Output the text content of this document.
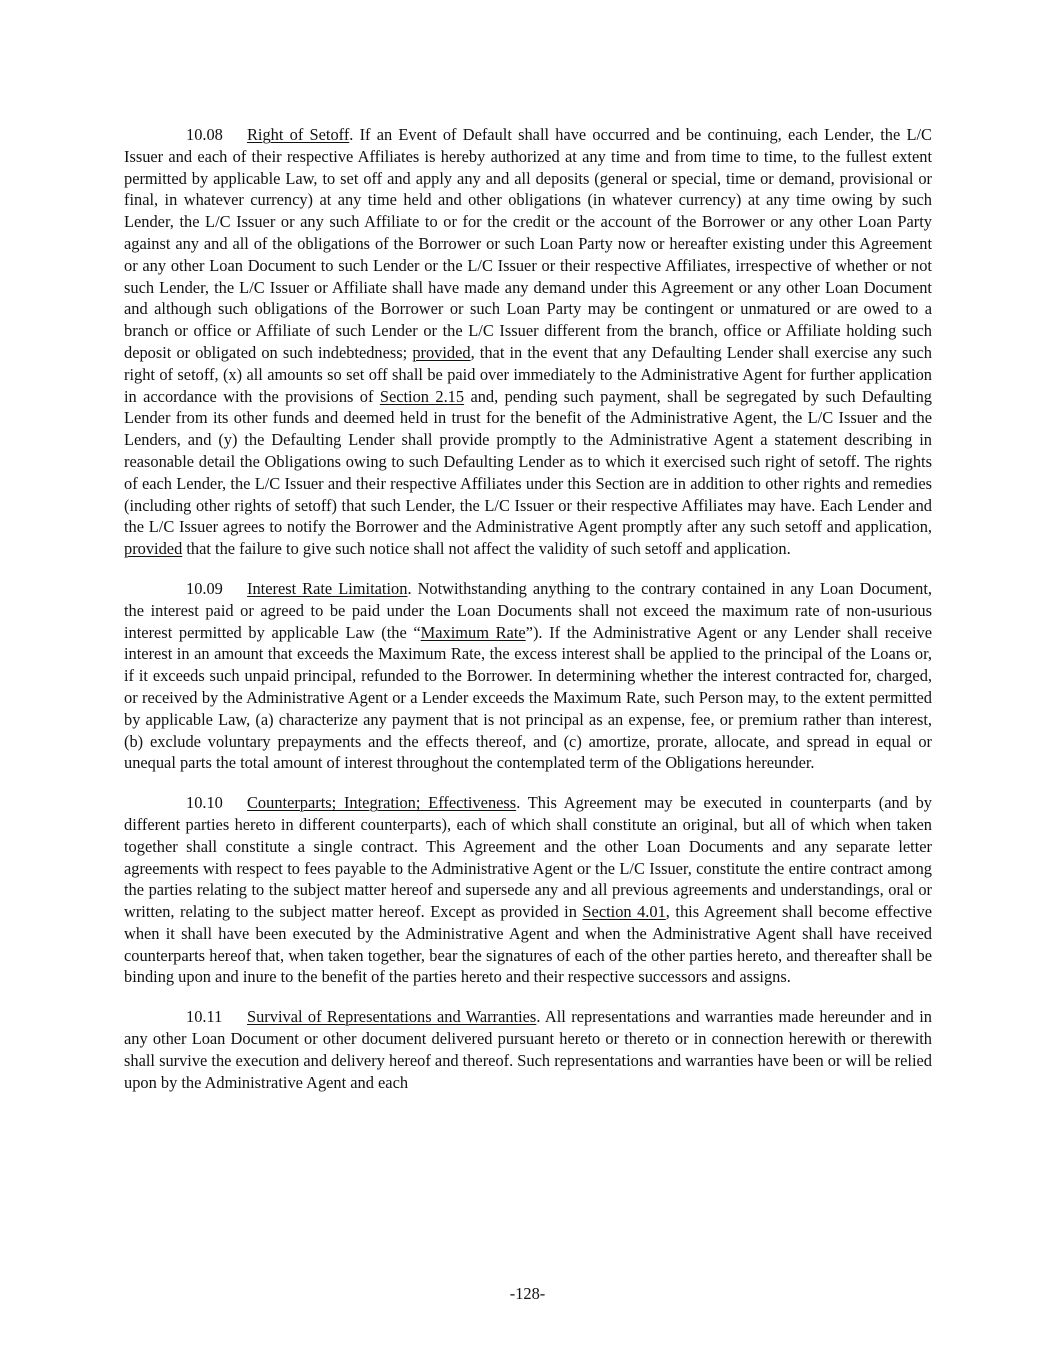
10.08 Right of Setoff. If an Event of Default shall have occurred and be continuing, each Lender, the L/C Issuer and each of their respective Affiliates is hereby authorized at any time and from time to time, to the fullest extent permitted by applicable Law, to set off and apply any and all deposits (general or special, time or demand, provisional or final, in whatever currency) at any time held and other obligations (in whatever currency) at any time owing by such Lender, the L/C Issuer or any such Affiliate to or for the credit or the account of the Borrower or any other Loan Party against any and all of the obligations of the Borrower or such Loan Party now or hereafter existing under this Agreement or any other Loan Document to such Lender or the L/C Issuer or their respective Affiliates, irrespective of whether or not such Lender, the L/C Issuer or Affiliate shall have made any demand under this Agreement or any other Loan Document and although such obligations of the Borrower or such Loan Party may be contingent or unmatured or are owed to a branch or office or Affiliate of such Lender or the L/C Issuer different from the branch, office or Affiliate holding such deposit or obligated on such indebtedness; provided, that in the event that any Defaulting Lender shall exercise any such right of setoff, (x) all amounts so set off shall be paid over immediately to the Administrative Agent for further application in accordance with the provisions of Section 2.15 and, pending such payment, shall be segregated by such Defaulting Lender from its other funds and deemed held in trust for the benefit of the Administrative Agent, the L/C Issuer and the Lenders, and (y) the Defaulting Lender shall provide promptly to the Administrative Agent a statement describing in reasonable detail the Obligations owing to such Defaulting Lender as to which it exercised such right of setoff. The rights of each Lender, the L/C Issuer and their respective Affiliates under this Section are in addition to other rights and remedies (including other rights of setoff) that such Lender, the L/C Issuer or their respective Affiliates may have. Each Lender and the L/C Issuer agrees to notify the Borrower and the Administrative Agent promptly after any such setoff and application, provided that the failure to give such notice shall not affect the validity of such setoff and application.

10.09 Interest Rate Limitation. Notwithstanding anything to the contrary contained in any Loan Document, the interest paid or agreed to be paid under the Loan Documents shall not exceed the maximum rate of non-usurious interest permitted by applicable Law (the “Maximum Rate”). If the Administrative Agent or any Lender shall receive interest in an amount that exceeds the Maximum Rate, the excess interest shall be applied to the principal of the Loans or, if it exceeds such unpaid principal, refunded to the Borrower. In determining whether the interest contracted for, charged, or received by the Administrative Agent or a Lender exceeds the Maximum Rate, such Person may, to the extent permitted by applicable Law, (a) characterize any payment that is not principal as an expense, fee, or premium rather than interest, (b) exclude voluntary prepayments and the effects thereof, and (c) amortize, prorate, allocate, and spread in equal or unequal parts the total amount of interest throughout the contemplated term of the Obligations hereunder.

10.10 Counterparts; Integration; Effectiveness. This Agreement may be executed in counterparts (and by different parties hereto in different counterparts), each of which shall constitute an original, but all of which when taken together shall constitute a single contract. This Agreement and the other Loan Documents and any separate letter agreements with respect to fees payable to the Administrative Agent or the L/C Issuer, constitute the entire contract among the parties relating to the subject matter hereof and supersede any and all previous agreements and understandings, oral or written, relating to the subject matter hereof. Except as provided in Section 4.01, this Agreement shall become effective when it shall have been executed by the Administrative Agent and when the Administrative Agent shall have received counterparts hereof that, when taken together, bear the signatures of each of the other parties hereto, and thereafter shall be binding upon and inure to the benefit of the parties hereto and their respective successors and assigns.

10.11 Survival of Representations and Warranties. All representations and warranties made hereunder and in any other Loan Document or other document delivered pursuant hereto or thereto or in connection herewith or therewith shall survive the execution and delivery hereof and thereof. Such representations and warranties have been or will be relied upon by the Administrative Agent and each

-128-
